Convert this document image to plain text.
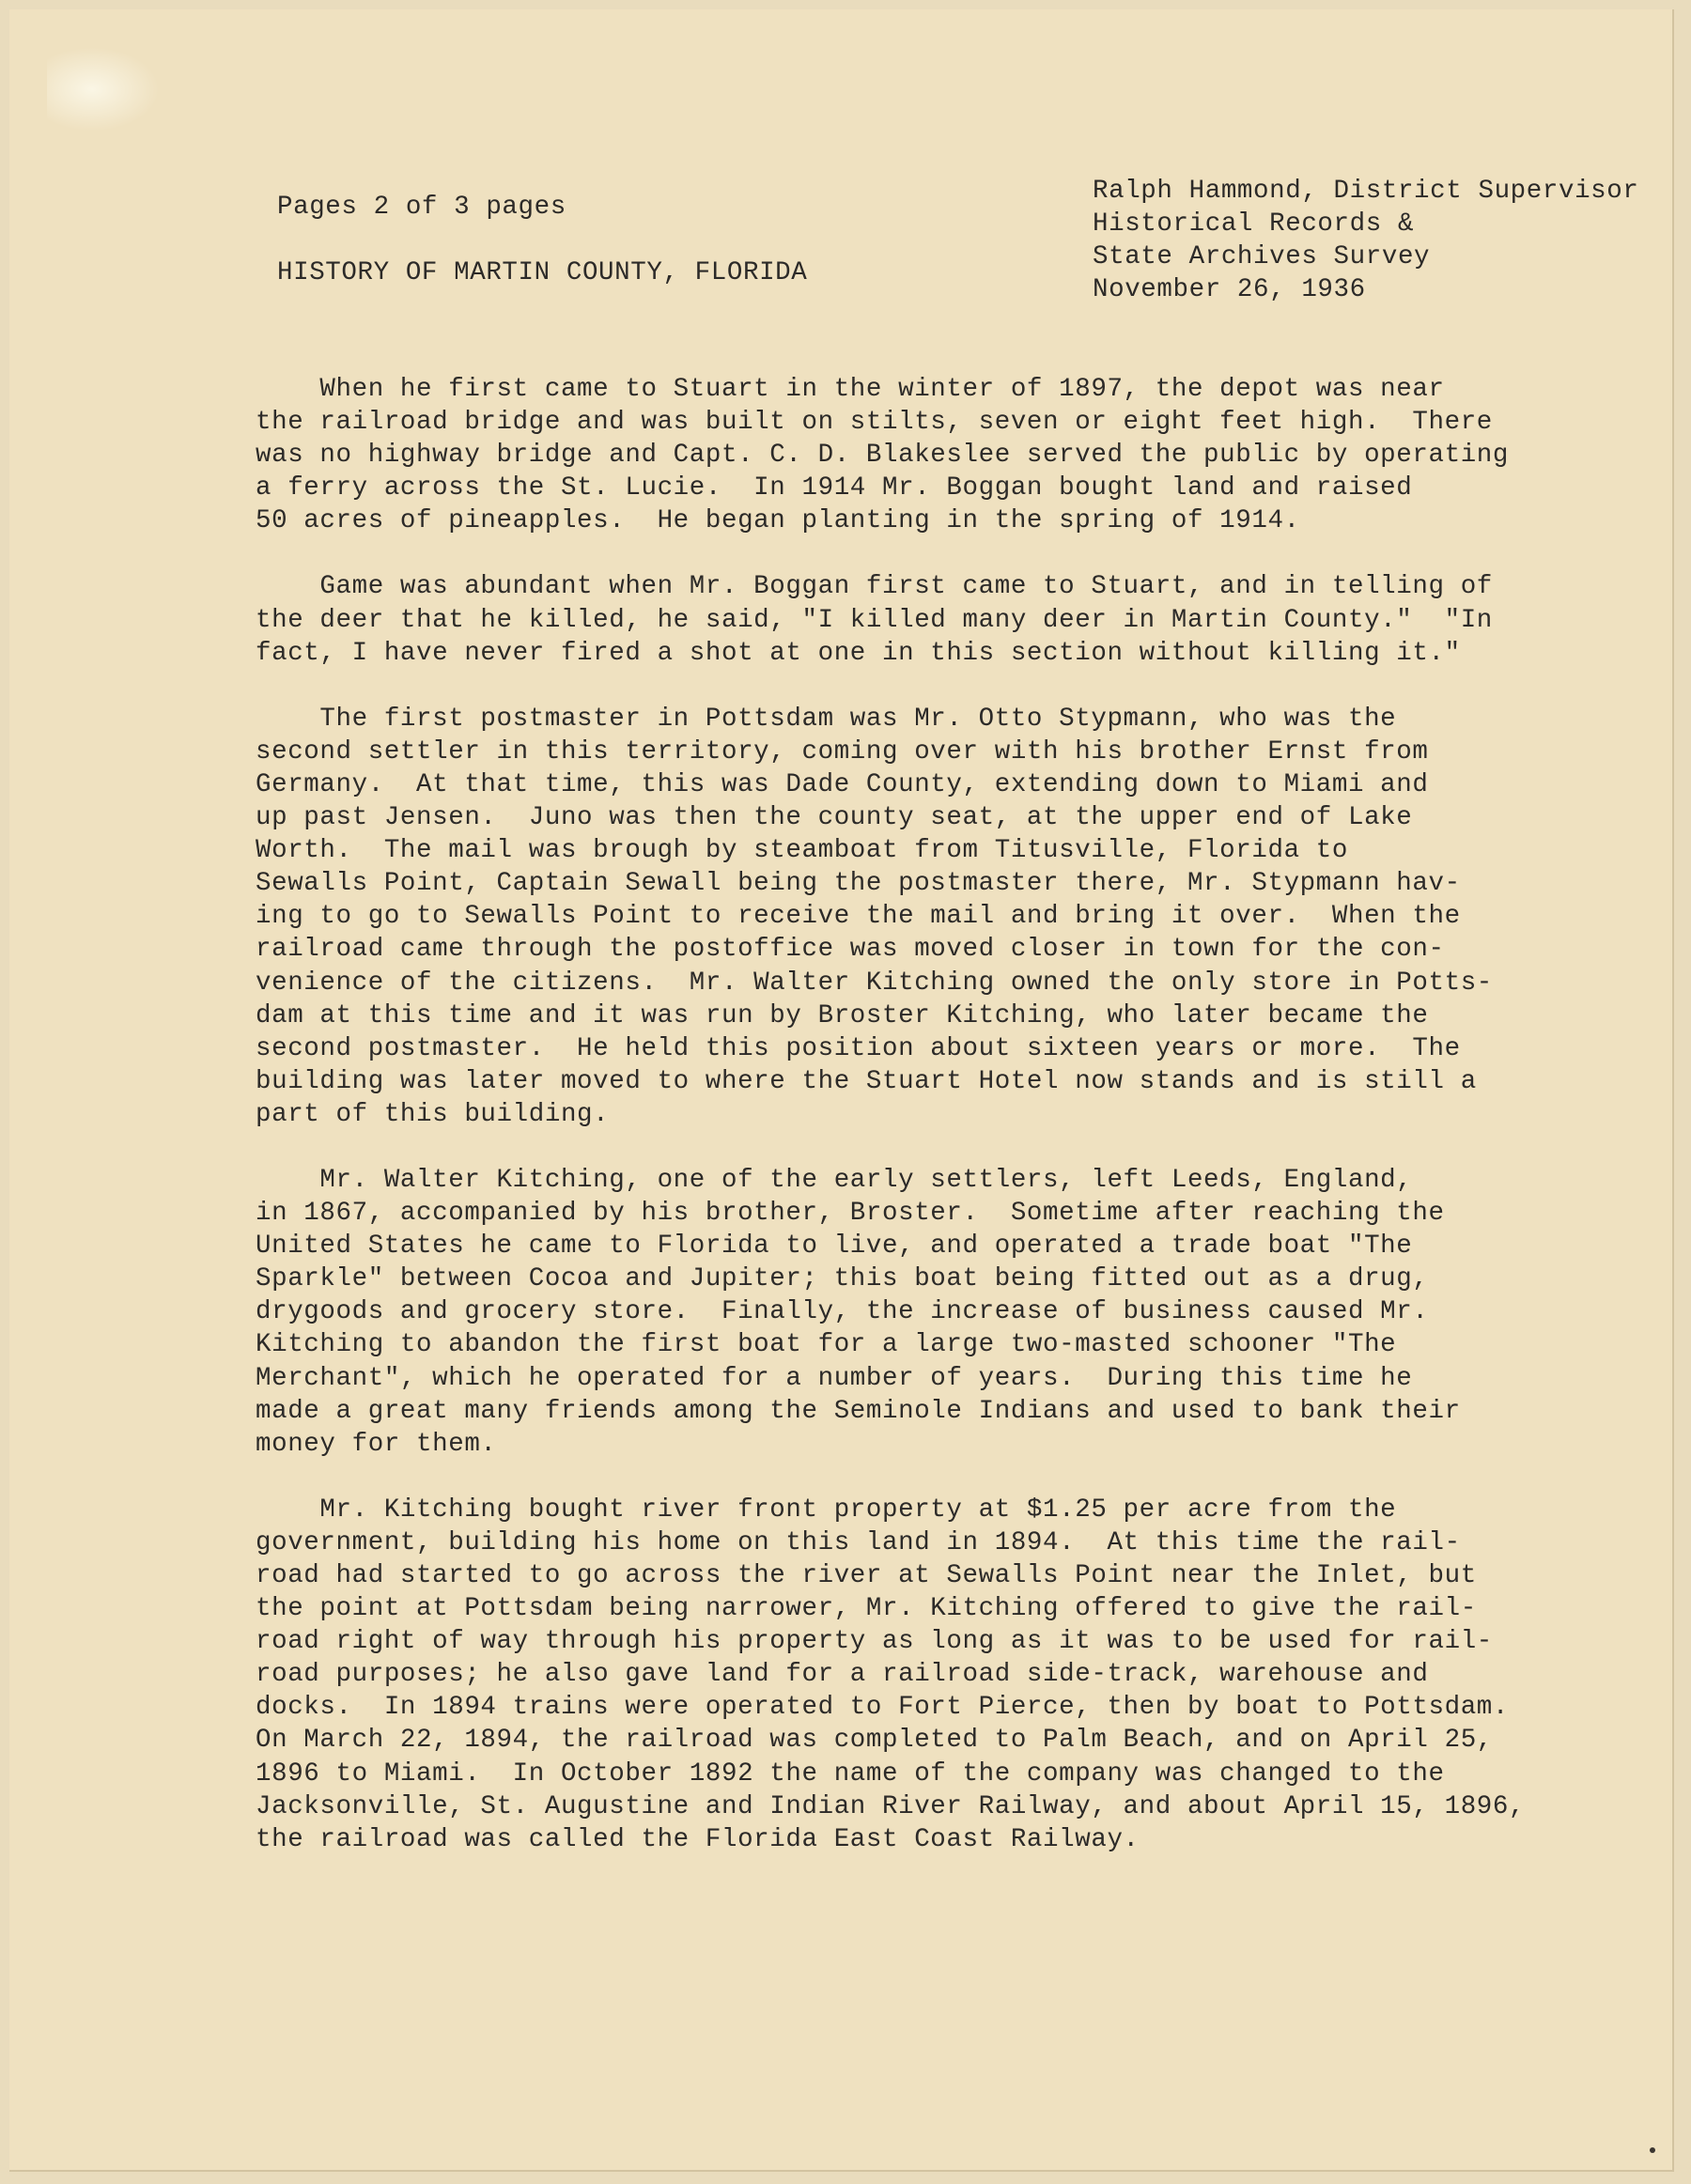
Pages 2 of 3 pages

HISTORY OF MARTIN COUNTY, FLORIDA

Ralph Hammond, District Supervisor

Historical Records &

State Archives Survey

November 26, 1936

When he first came to Stuart in the winter of 1897, the depot was near

the railroad bridge and was built on stilts, seven or eight feet high.  There

was no highway bridge and Capt. C. D. Blakeslee served the public by operating

a ferry across the St. Lucie.  In 1914 Mr. Boggan bought land and raised

50 acres of pineapples.  He began planting in the spring of 1914.

Game was abundant when Mr. Boggan first came to Stuart, and in telling of

the deer that he killed, he said, "I killed many deer in Martin County."  "In

fact, I have never fired a shot at one in this section without killing it."

The first postmaster in Pottsdam was Mr. Otto Stypmann, who was the

second settler in this territory, coming over with his brother Ernst from

Germany.  At that time, this was Dade County, extending down to Miami and

up past Jensen.  Juno was then the county seat, at the upper end of Lake

Worth.  The mail was brough by steamboat from Titusville, Florida to

Sewalls Point, Captain Sewall being the postmaster there, Mr. Stypmann hav-

ing to go to Sewalls Point to receive the mail and bring it over.  When the

railroad came through the postoffice was moved closer in town for the con-

venience of the citizens.  Mr. Walter Kitching owned the only store in Potts-

dam at this time and it was run by Broster Kitching, who later became the

second postmaster.  He held this position about sixteen years or more.  The

building was later moved to where the Stuart Hotel now stands and is still a

part of this building.

Mr. Walter Kitching, one of the early settlers, left Leeds, England,

in 1867, accompanied by his brother, Broster.  Sometime after reaching the

United States he came to Florida to live, and operated a trade boat "The

Sparkle" between Cocoa and Jupiter; this boat being fitted out as a drug,

drygoods and grocery store.  Finally, the increase of business caused Mr.

Kitching to abandon the first boat for a large two-masted schooner "The

Merchant", which he operated for a number of years.  During this time he

made a great many friends among the Seminole Indians and used to bank their

money for them.

Mr. Kitching bought river front property at $1.25 per acre from the

government, building his home on this land in 1894.  At this time the rail-

road had started to go across the river at Sewalls Point near the Inlet, but

the point at Pottsdam being narrower, Mr. Kitching offered to give the rail-

road right of way through his property as long as it was to be used for rail-

road purposes; he also gave land for a railroad side-track, warehouse and

docks.  In 1894 trains were operated to Fort Pierce, then by boat to Pottsdam.

On March 22, 1894, the railroad was completed to Palm Beach, and on April 25,

1896 to Miami.  In October 1892 the name of the company was changed to the

Jacksonville, St. Augustine and Indian River Railway, and about April 15, 1896,

the railroad was called the Florida East Coast Railway.
